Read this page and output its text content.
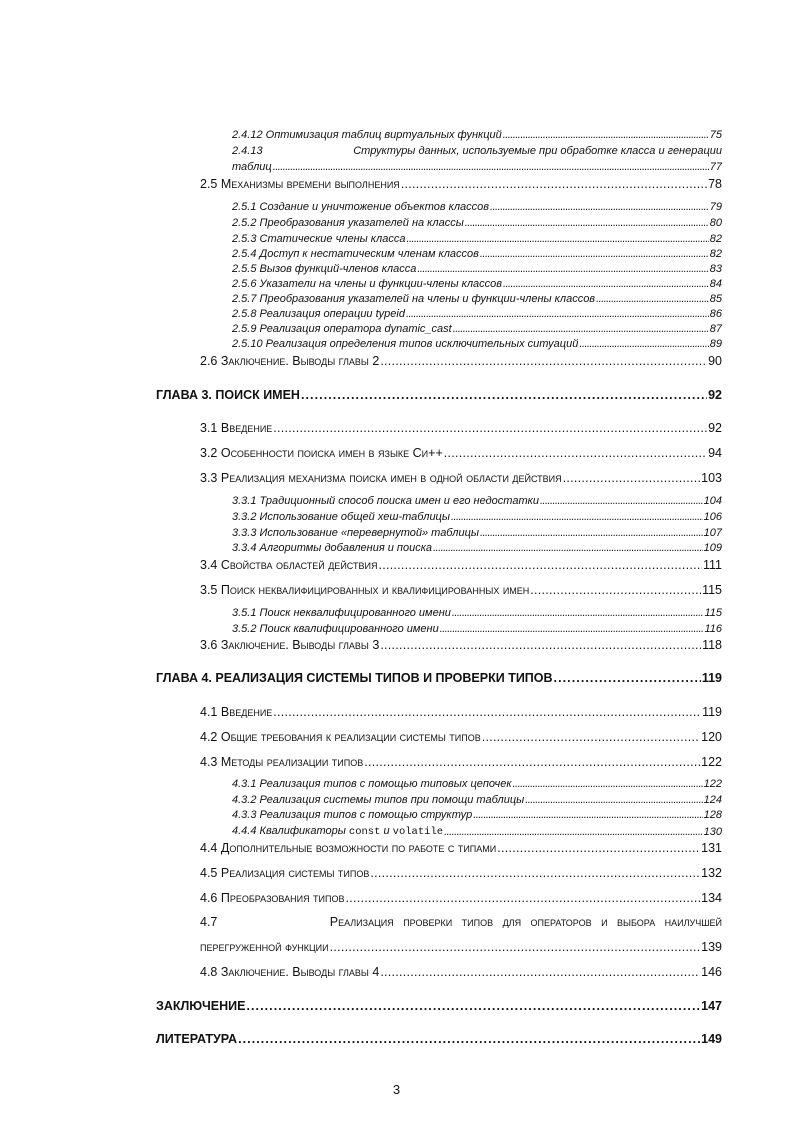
2.4.12 Оптимизация таблиц виртуальных функций . . .	75
2.4.13	Структуры данных, используемые при обработке класса и генерации
таблиц . . .	77
2.5 Механизмы времени выполнения . . .	78
2.5.1 Создание и уничтожение объектов классов . . .	79
2.5.2 Преобразования указателей на классы . . .	80
2.5.3 Статические члены класса . . .	82
2.5.4 Доступ к нестатическим членам классов . . .	82
2.5.5 Вызов функций-членов класса . . .	83
2.5.6 Указатели на члены и функции-члены классов . . .	84
2.5.7 Преобразования указателей на члены и функции-члены классов . . .	85
2.5.8 Реализация операции typeid . . .	86
2.5.9 Реализация оператора dynamic_cast . . .	87
2.5.10 Реализация определения типов исключительных ситуаций . . .	89
2.6 Заключение. Выводы главы 2 . . .	90
ГЛАВА 3. ПОИСК ИМЕН . . .	92
3.1 Введение . . .	92
3.2 Особенности поиска имен в языке Си++ . . .	94
3.3 Реализация механизма поиска имен в одной области действия . . .	103
3.3.1 Традиционный способ поиска имен и его недостатки . . .	104
3.3.2 Использование общей хеш-таблицы . . .	106
3.3.3 Использование «перевернутой» таблицы . . .	107
3.3.4 Алгоритмы добавления и поиска . . .	109
3.4 Свойства областей действия . . .	111
3.5 Поиск неквалифицированных и квалифицированных имен . . .	115
3.5.1 Поиск неквалифицированного имени . . .	115
3.5.2 Поиск квалифицированного имени . . .	116
3.6 Заключение. Выводы главы 3 . . .	118
ГЛАВА 4. РЕАЛИЗАЦИЯ СИСТЕМЫ ТИПОВ И ПРОВЕРКИ ТИПОВ . . .	119
4.1 Введение . . .	119
4.2 Общие требования к реализации системы типов . . .	120
4.3 Методы реализации типов . . .	122
4.3.1 Реализация типов с помощью типовых цепочек . . .	122
4.3.2 Реализация системы типов при помощи таблицы . . .	124
4.3.3 Реализация типов с помощью структур . . .	128
4.4.4 Квалификаторы const и volatile . . .	130
4.4 Дополнительные возможности по работе с типами . . .	131
4.5 Реализация системы типов . . .	132
4.6 Преобразования типов . . .	134
4.7	Реализация проверки типов для операторов и выбора наилучшей
перегруженной функции . . .	139
4.8 Заключение. Выводы главы 4 . . .	146
ЗАКЛЮЧЕНИЕ . . .	147
ЛИТЕРАТУРА . . .	149
3
